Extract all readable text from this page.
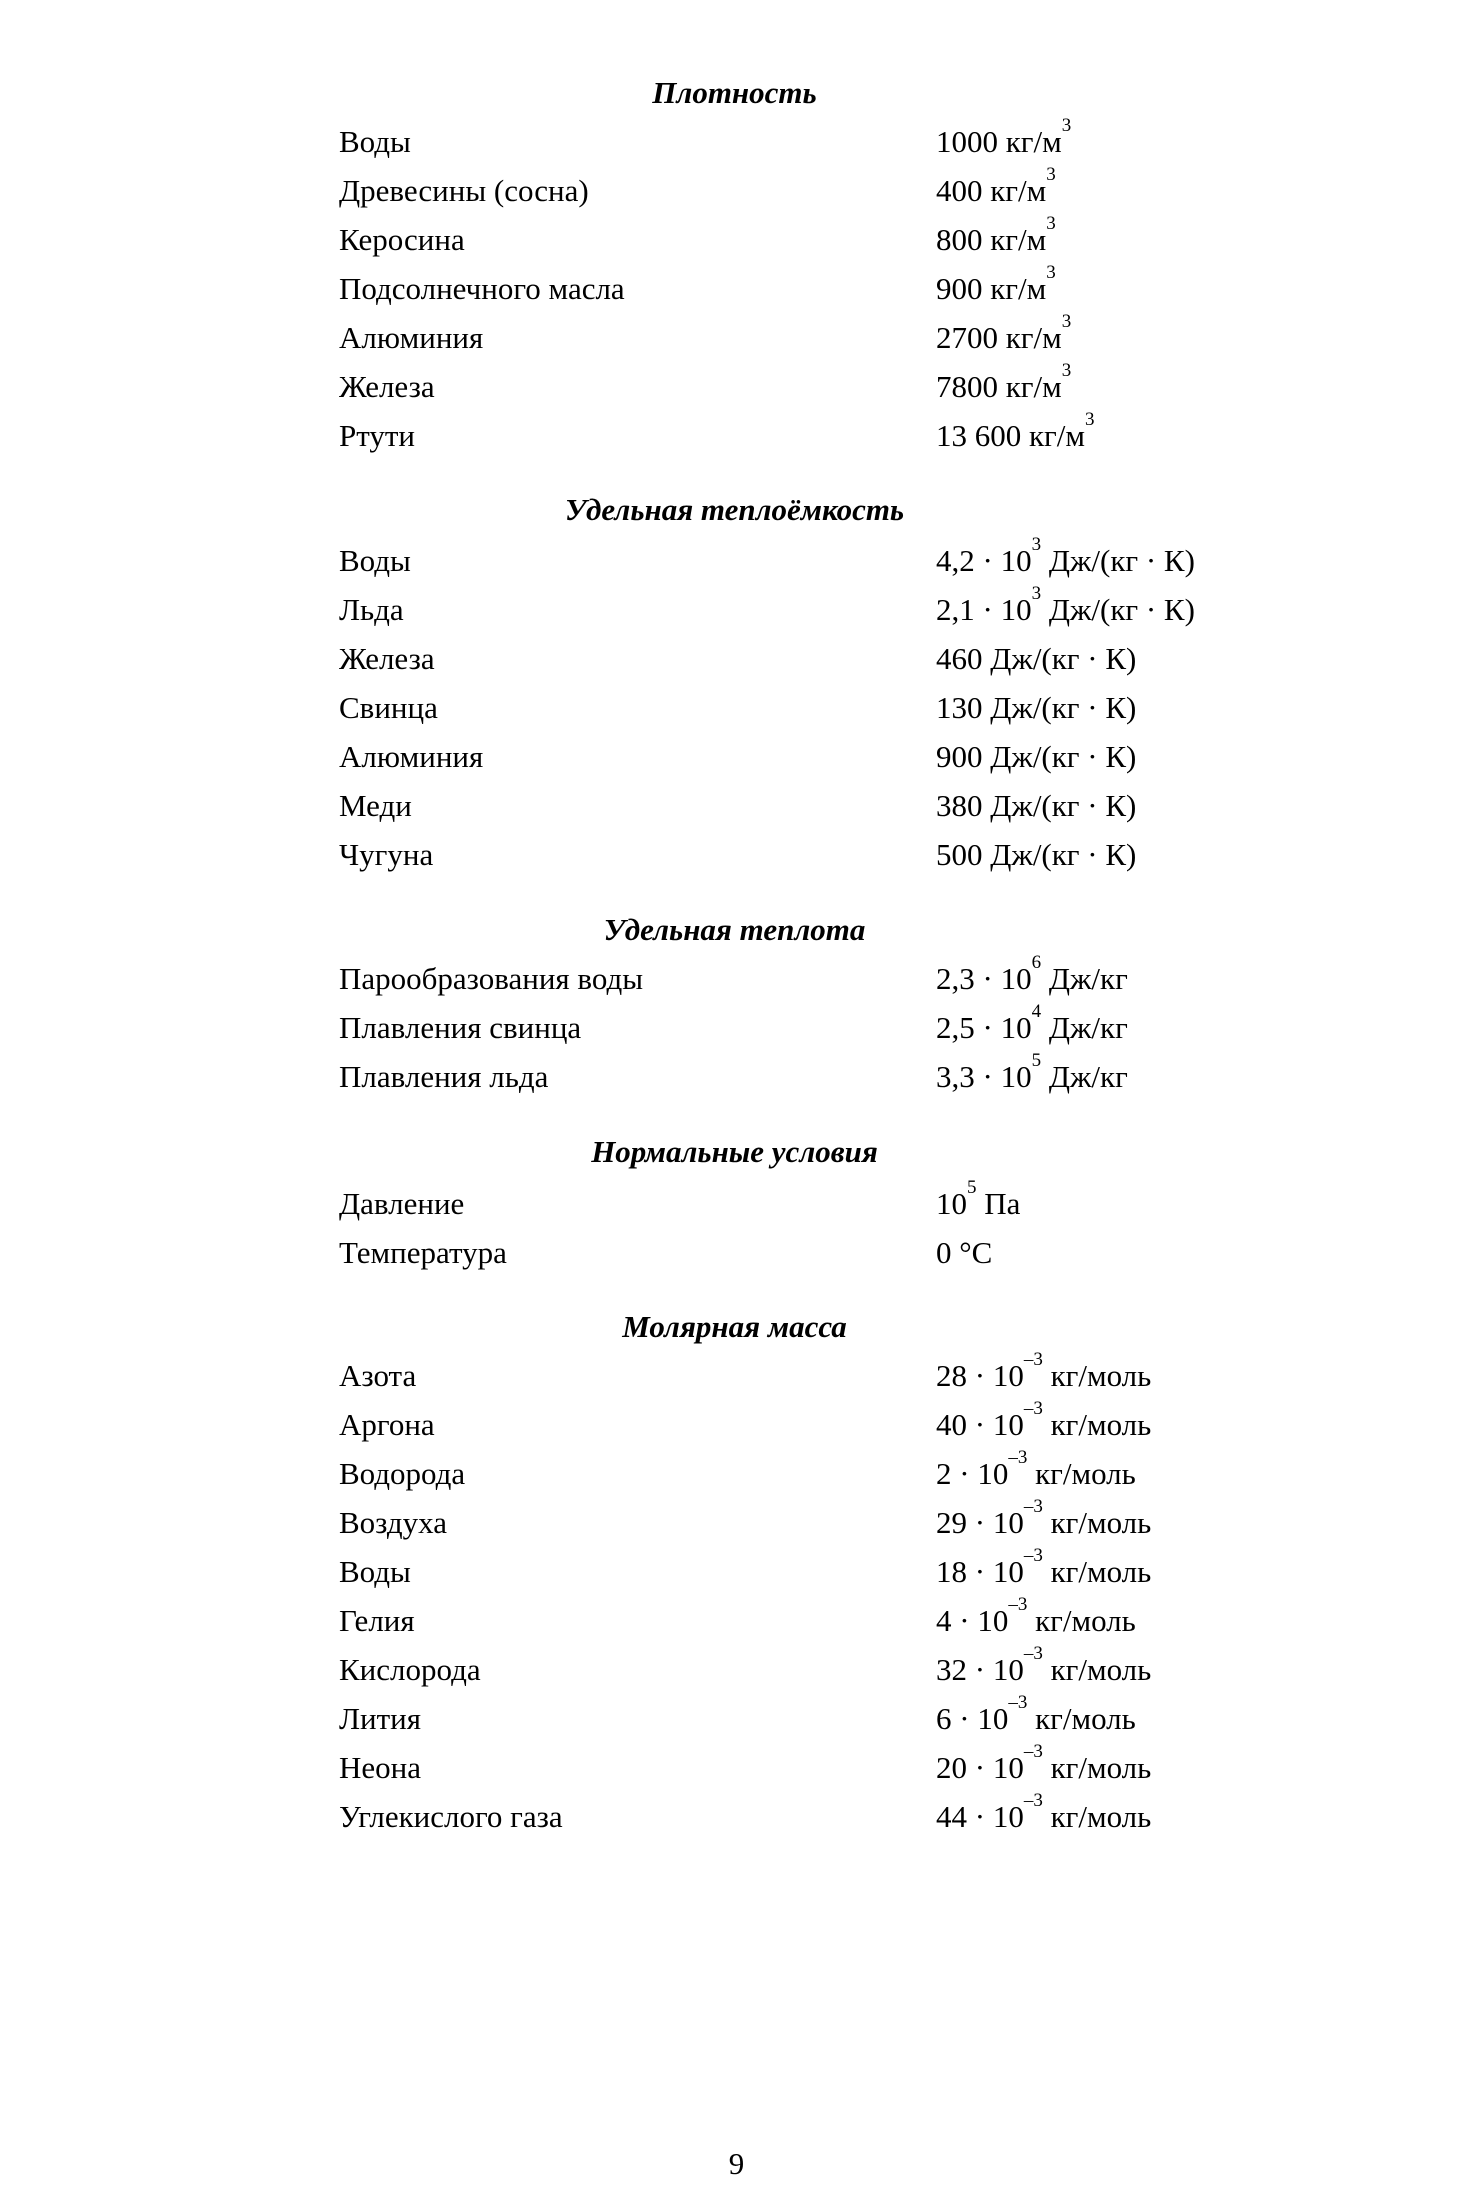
Плотность
Воды	1000 $кг/м^3$
Древесины (сосна)	400 $кг/м^3$
Керосина	800 $кг/м^3$
Подсолнечного масла	900 $кг/м^3$
Алюминия	2700 $кг/м^3$
Железа	7800 $кг/м^3$
Ртути	13 600 $кг/м^3$
Удельная теплоёмкость
Воды	$4,2 \cdot 10^3$ Дж/(кг · К)
Льда	$2,1 \cdot 10^3$ Дж/(кг · К)
Железа	460 Дж/(кг · К)
Свинца	130 Дж/(кг · К)
Алюминия	900 Дж/(кг · К)
Меди	380 Дж/(кг · К)
Чугуна	500 Дж/(кг · К)
Удельная теплота
Парообразования воды	$2,3 \cdot 10^6$ Дж/кг
Плавления свинца	$2,5 \cdot 10^4$ Дж/кг
Плавления льда	$3,3 \cdot 10^5$ Дж/кг
Нормальные условия
Давление	$10^5$ Па
Температура	0 °С
Молярная масса
Азота	$28 \cdot 10^{-3}$ кг/моль
Аргона	$40 \cdot 10^{-3}$ кг/моль
Водорода	$2 \cdot 10^{-3}$ кг/моль
Воздуха	$29 \cdot 10^{-3}$ кг/моль
Воды	$18 \cdot 10^{-3}$ кг/моль
Гелия	$4 \cdot 10^{-3}$ кг/моль
Кислорода	$32 \cdot 10^{-3}$ кг/моль
Лития	$6 \cdot 10^{-3}$ кг/моль
Неона	$20 \cdot 10^{-3}$ кг/моль
Углекислого газа	$44 \cdot 10^{-3}$ кг/моль
9
